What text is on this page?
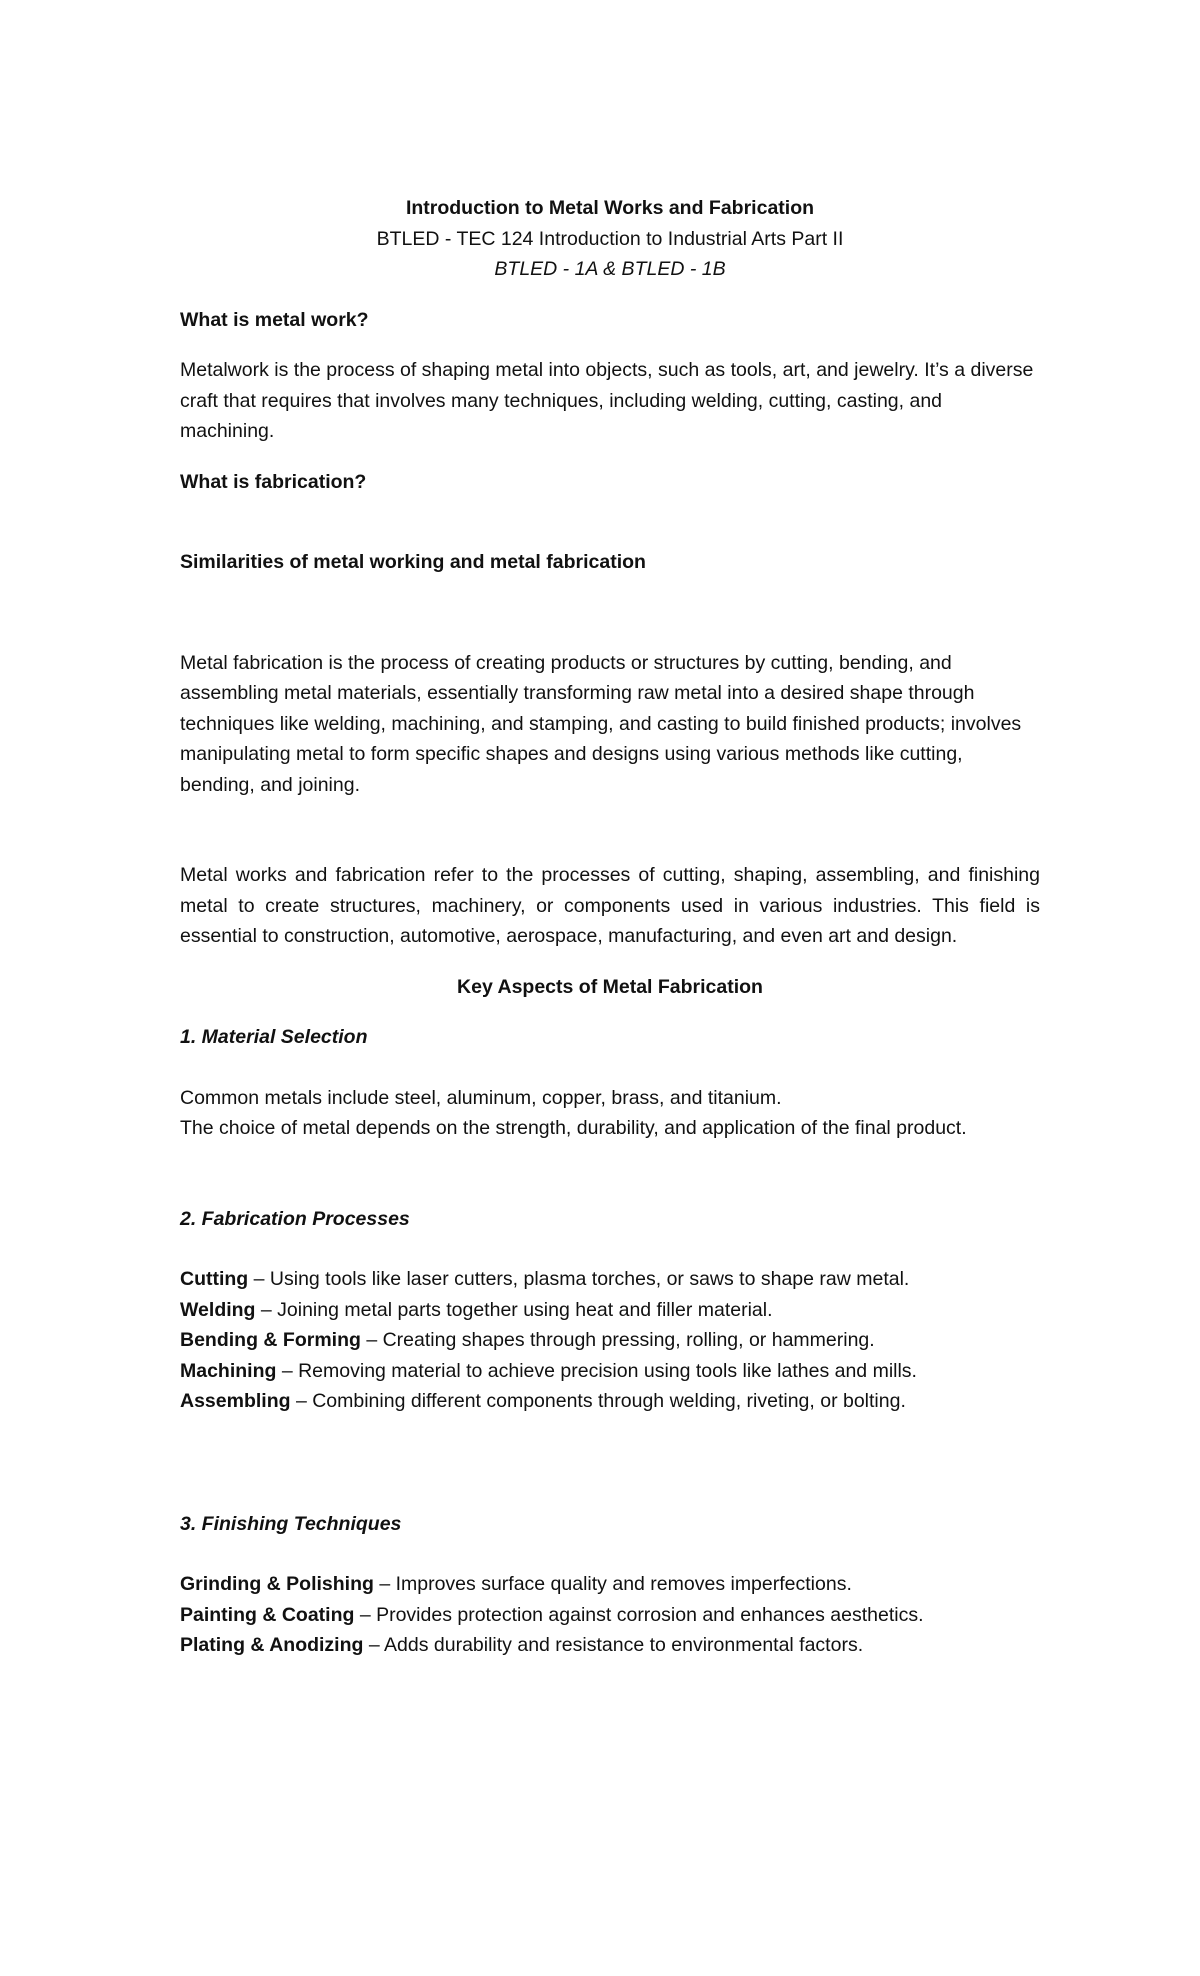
Introduction to Metal Works and Fabrication

BTLED - TEC 124 Introduction to Industrial Arts Part II

BTLED - 1A & BTLED - 1B

What is metal work?

Metalwork is the process of shaping metal into objects, such as tools, art, and jewelry. It’s a diverse craft that requires that involves many techniques, including welding, cutting, casting, and machining.

What is fabrication?

Similarities of metal working and metal fabrication

Metal fabrication is the process of creating products or structures by cutting, bending, and assembling metal materials, essentially transforming raw metal into a desired shape through techniques like welding, machining, and stamping, and casting to build finished products; involves manipulating metal to form specific shapes and designs using various methods like cutting, bending, and joining.

Metal works and fabrication refer to the processes of cutting, shaping, assembling, and finishing metal to create structures, machinery, or components used in various industries. This field is essential to construction, automotive, aerospace, manufacturing, and even art and design.

Key Aspects of Metal Fabrication

1. Material Selection

Common metals include steel, aluminum, copper, brass, and titanium.
The choice of metal depends on the strength, durability, and application of the final product.

2. Fabrication Processes

Cutting – Using tools like laser cutters, plasma torches, or saws to shape raw metal.
Welding – Joining metal parts together using heat and filler material.
Bending & Forming – Creating shapes through pressing, rolling, or hammering.
Machining – Removing material to achieve precision using tools like lathes and mills.
Assembling – Combining different components through welding, riveting, or bolting.

3. Finishing Techniques

Grinding & Polishing – Improves surface quality and removes imperfections.
Painting & Coating – Provides protection against corrosion and enhances aesthetics.
Plating & Anodizing – Adds durability and resistance to environmental factors.
